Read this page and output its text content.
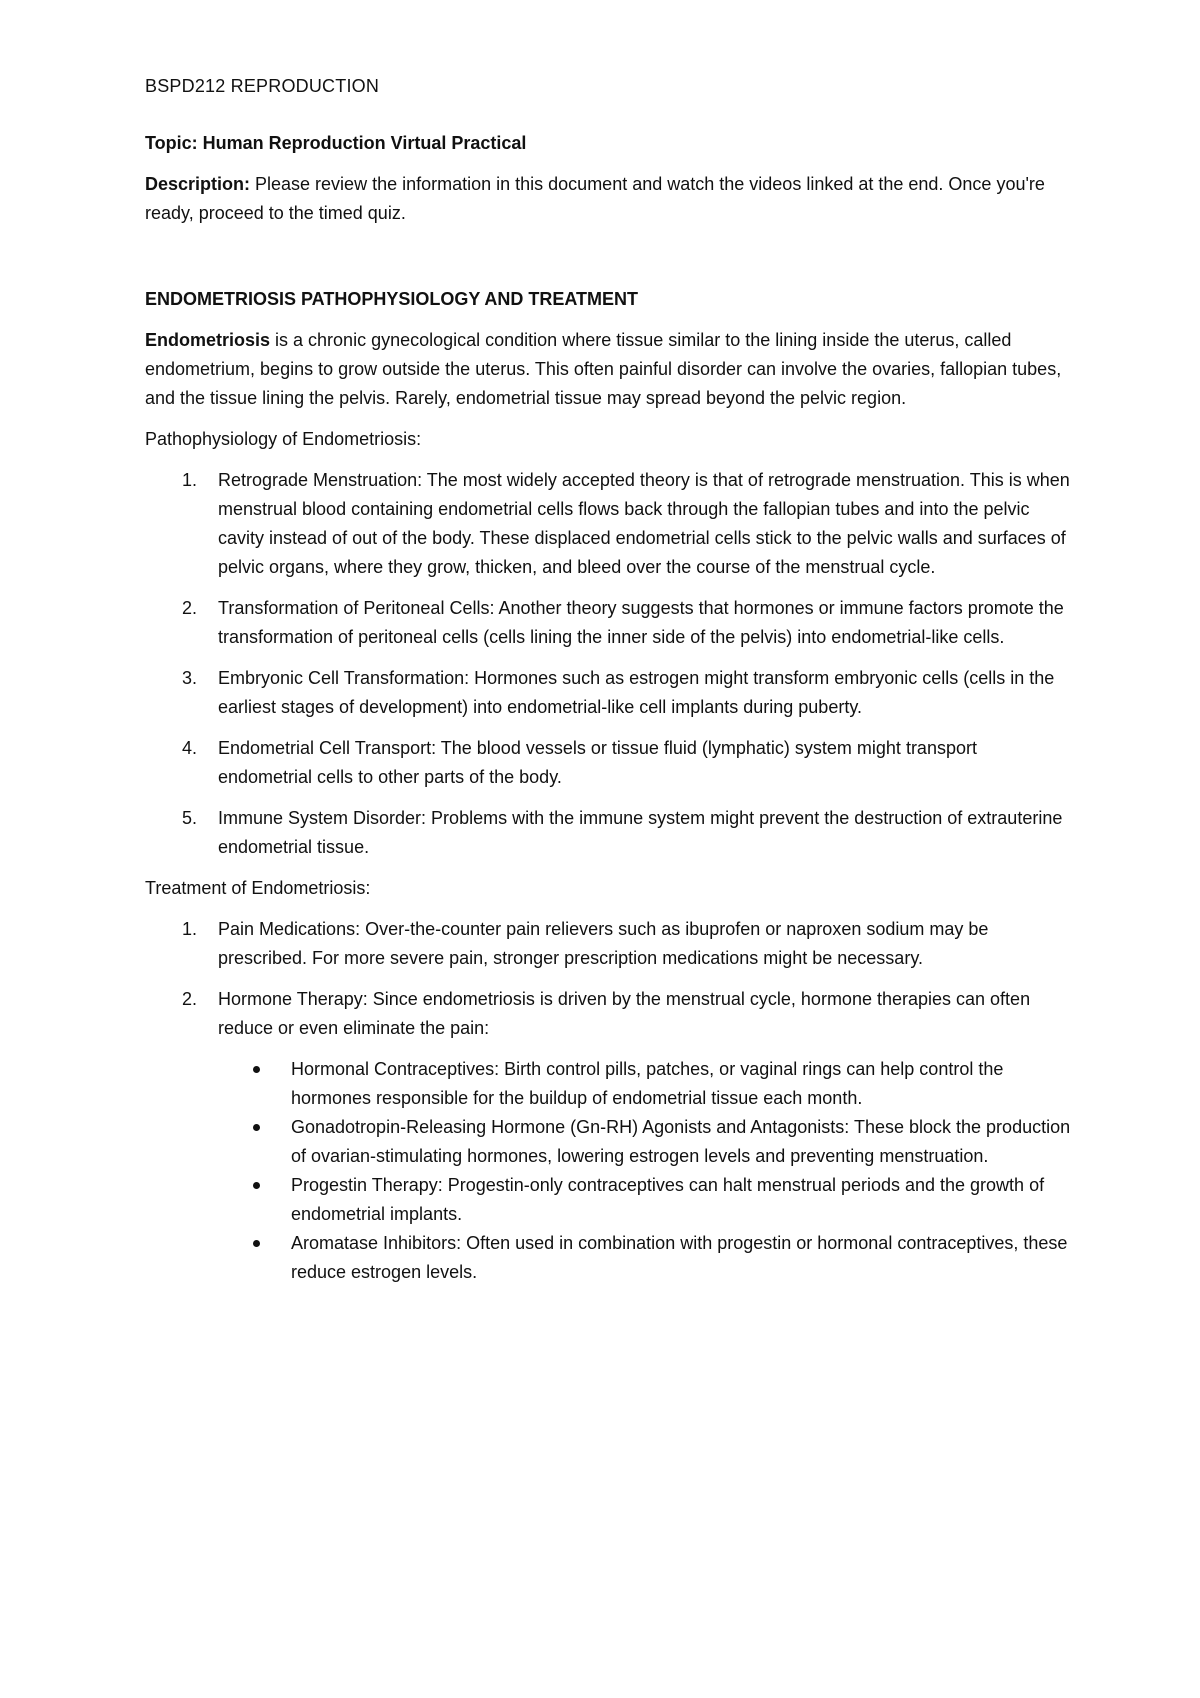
BSPD212 REPRODUCTION

Topic: Human Reproduction Virtual Practical

Description: Please review the information in this document and watch the videos linked at the end. Once you're ready, proceed to the timed quiz.

ENDOMETRIOSIS PATHOPHYSIOLOGY AND TREATMENT

Endometriosis is a chronic gynecological condition where tissue similar to the lining inside the uterus, called endometrium, begins to grow outside the uterus. This often painful disorder can involve the ovaries, fallopian tubes, and the tissue lining the pelvis. Rarely, endometrial tissue may spread beyond the pelvic region.

Pathophysiology of Endometriosis:

1. Retrograde Menstruation: The most widely accepted theory is that of retrograde menstruation. This is when menstrual blood containing endometrial cells flows back through the fallopian tubes and into the pelvic cavity instead of out of the body. These displaced endometrial cells stick to the pelvic walls and surfaces of pelvic organs, where they grow, thicken, and bleed over the course of the menstrual cycle.
2. Transformation of Peritoneal Cells: Another theory suggests that hormones or immune factors promote the transformation of peritoneal cells (cells lining the inner side of the pelvis) into endometrial-like cells.
3. Embryonic Cell Transformation: Hormones such as estrogen might transform embryonic cells (cells in the earliest stages of development) into endometrial-like cell implants during puberty.
4. Endometrial Cell Transport: The blood vessels or tissue fluid (lymphatic) system might transport endometrial cells to other parts of the body.
5. Immune System Disorder: Problems with the immune system might prevent the destruction of extrauterine endometrial tissue.

Treatment of Endometriosis:

1. Pain Medications: Over-the-counter pain relievers such as ibuprofen or naproxen sodium may be prescribed. For more severe pain, stronger prescription medications might be necessary.
2. Hormone Therapy: Since endometriosis is driven by the menstrual cycle, hormone therapies can often reduce or even eliminate the pain:
Hormonal Contraceptives: Birth control pills, patches, or vaginal rings can help control the hormones responsible for the buildup of endometrial tissue each month.
Gonadotropin-Releasing Hormone (Gn-RH) Agonists and Antagonists: These block the production of ovarian-stimulating hormones, lowering estrogen levels and preventing menstruation.
Progestin Therapy: Progestin-only contraceptives can halt menstrual periods and the growth of endometrial implants.
Aromatase Inhibitors: Often used in combination with progestin or hormonal contraceptives, these reduce estrogen levels.
